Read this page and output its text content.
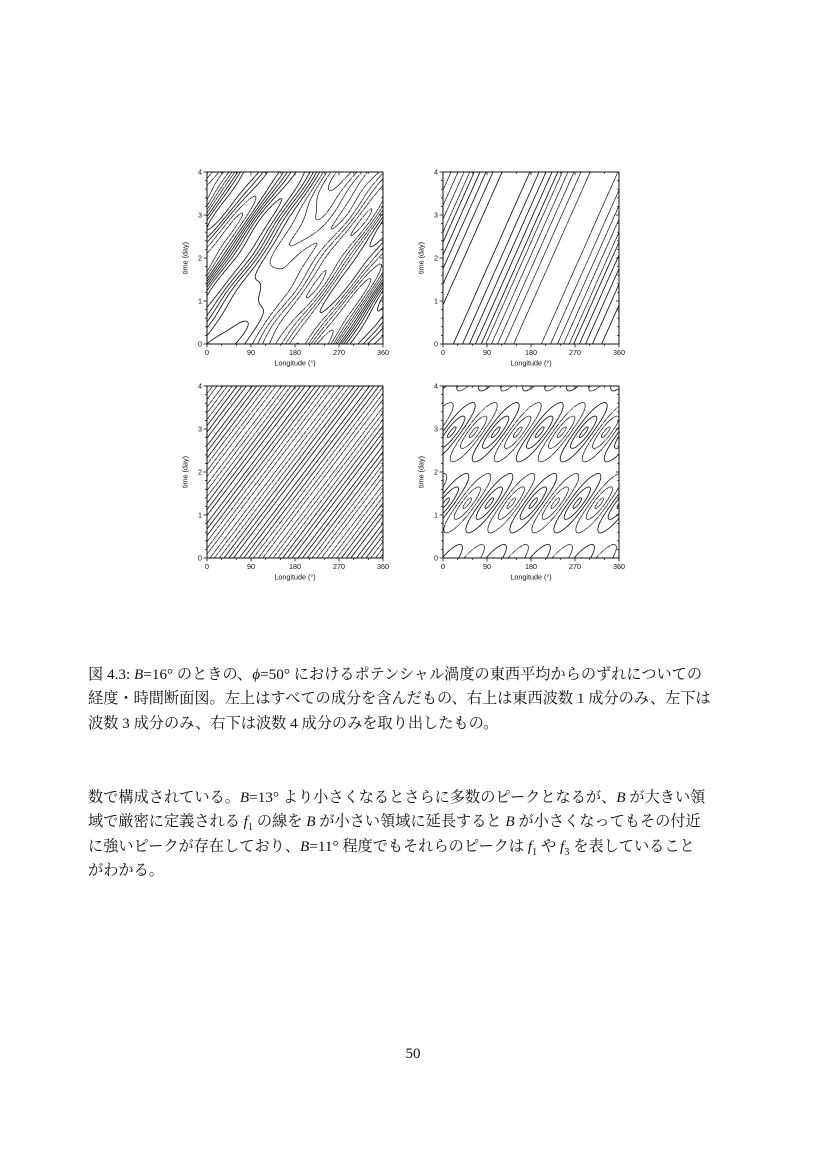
0	90	180	270	360
0
1
2
3
4
Longitude (°)
time (day)
0	90	180	270	360
0
1
2
3
4
Longitude (°)
time (day)
0	90	180	270	360
0
1
2
3
4
Longitude (°)
time (day)
0	90	180	270	360
0
1
2
3
4
Longitude (°)
time (day)
図 4.3: B=16° のときの、ϕ=50° におけるポテンシャル渦度の東西平均からのずれについての
経度・時間断面図。左上はすべての成分を含んだもの、右上は東西波数 1 成分のみ、左下は
波数 3 成分のみ、右下は波数 4 成分のみを取り出したもの。
数で構成されている。B=13° より小さくなるとさらに多数のピークとなるが、B が大きい領
域で厳密に定義される $f_1$ の線を B が小さい領域に延長すると B が小さくなってもその付近
に強いピークが存在しており、B=11° 程度でもそれらのピークは $f_1$ や $f_3$ を表していること
がわかる。
50
